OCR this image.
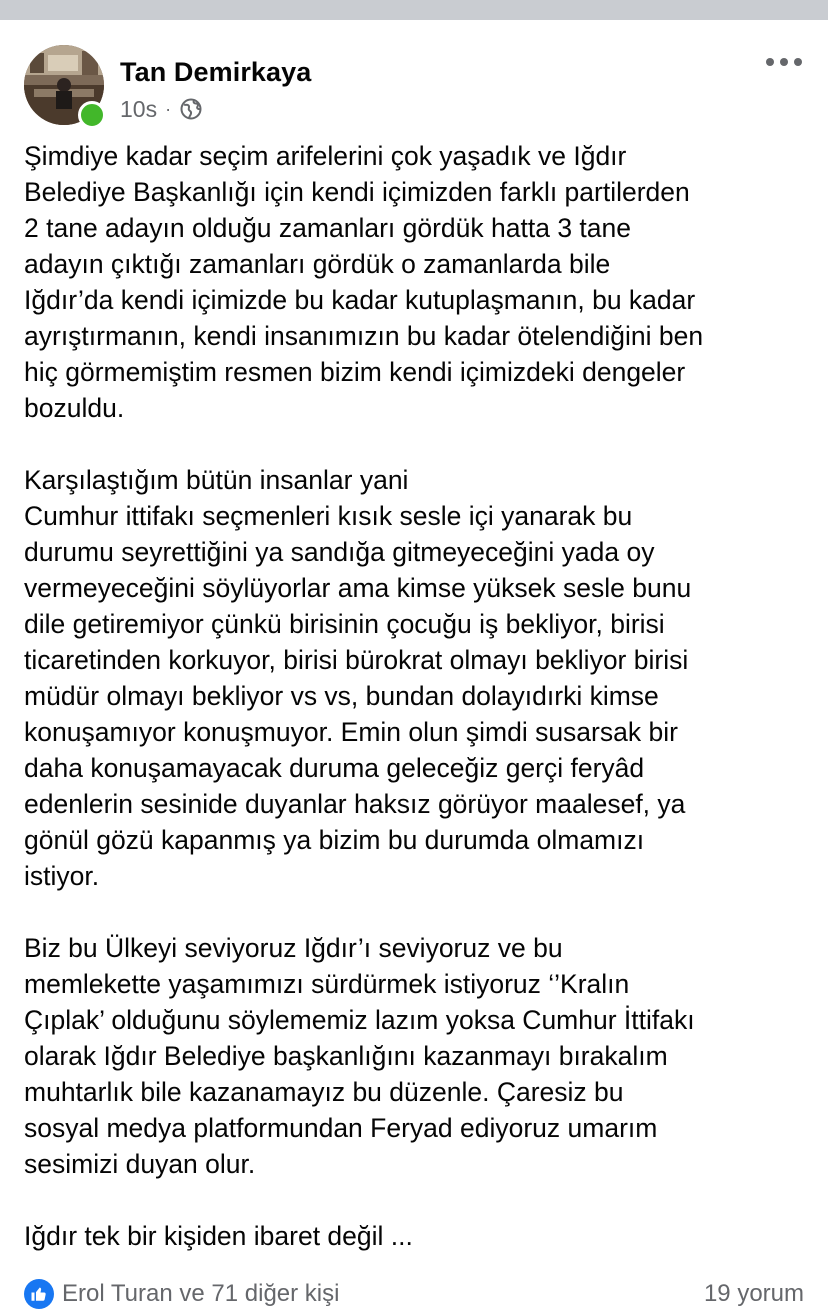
Tan Demirkaya
10s ·

Şimdiye kadar seçim arifelerini çok yaşadık ve Iğdır
Belediye Başkanlığı için kendi içimizden farklı partilerden
2 tane adayın olduğu zamanları gördük hatta 3 tane
adayın çıktığı zamanları gördük o zamanlarda bile
Iğdır’da kendi içimizde bu kadar kutuplaşmanın, bu kadar
ayrıştırmanın, kendi insanımızın bu kadar ötelendiğini ben
hiç görmemiştim resmen bizim kendi içimizdeki dengeler
bozuldu.

Karşılaştığım bütün insanlar yani
Cumhur ittifakı seçmenleri kısık sesle içi yanarak bu
durumu seyrettiğini ya sandığa gitmeyeceğini yada oy
vermeyeceğini söylüyorlar ama kimse yüksek sesle bunu
dile getiremiyor çünkü birisinin çocuğu iş bekliyor, birisi
ticaretinden korkuyor, birisi bürokrat olmayı bekliyor birisi
müdür olmayı bekliyor vs vs, bundan dolayıdırki kimse
konuşamıyor konuşmuyor. Emin olun şimdi susarsak bir
daha konuşamayacak duruma geleceğiz gerçi feryâd
edenlerin sesinide duyanlar haksız görüyor maalesef, ya
gönül gözü kapanmış ya bizim bu durumda olmamızı
istiyor.

Biz bu Ülkeyi seviyoruz Iğdır’ı seviyoruz ve bu
memlekette yaşamımızı sürdürmek istiyoruz ‘’Kralın
Çıplak’ olduğunu söylememiz lazım yoksa Cumhur İttifakı
olarak Iğdır Belediye başkanlığını kazanmayı bırakalım
muhtarlık bile kazanamayız bu düzenle. Çaresiz bu
sosyal medya platformundan Feryad ediyoruz umarım
sesimizi duyan olur.

Iğdır tek bir kişiden ibaret değil ...

Erol Turan ve 71 diğer kişi	19 yorum
